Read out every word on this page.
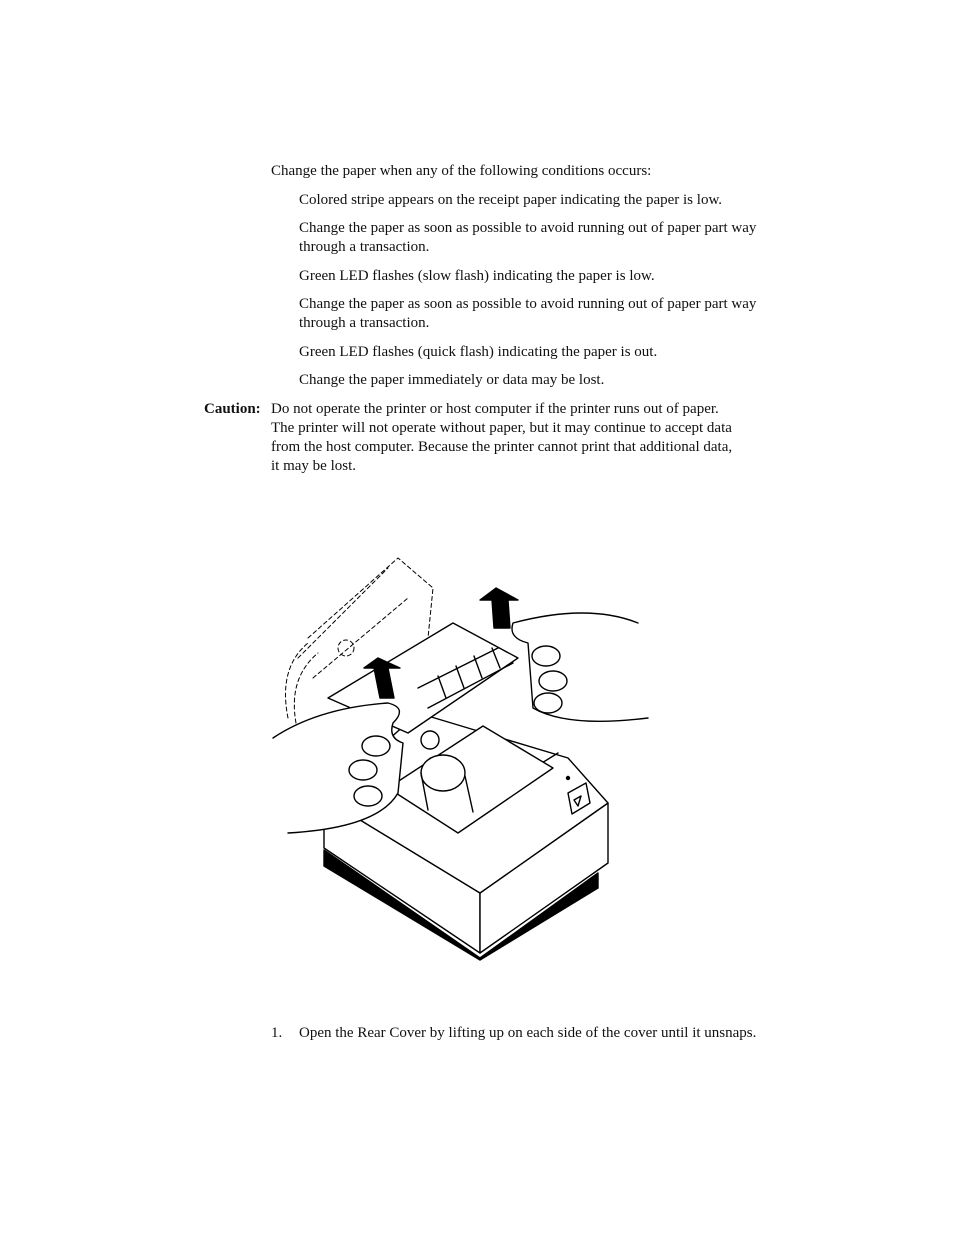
Change the paper when any of the following conditions occurs:
Colored stripe appears on the receipt paper indicating the paper is low.
Change the paper as soon as possible to avoid running out of paper part way
through a transaction.
Green LED flashes (slow flash) indicating the paper is low.
Change the paper as soon as possible to avoid running out of paper part way
through a transaction.
Green LED flashes (quick flash) indicating the paper is out.
Change the paper immediately or data may be lost.
Caution: Do not operate the printer or host computer if the printer runs out of paper.
The printer will not operate without paper, but it may continue to accept data
from the host computer. Because the printer cannot print that additional data,
it may be lost.
1. Open the Rear Cover by lifting up on each side of the cover until it unsnaps.
